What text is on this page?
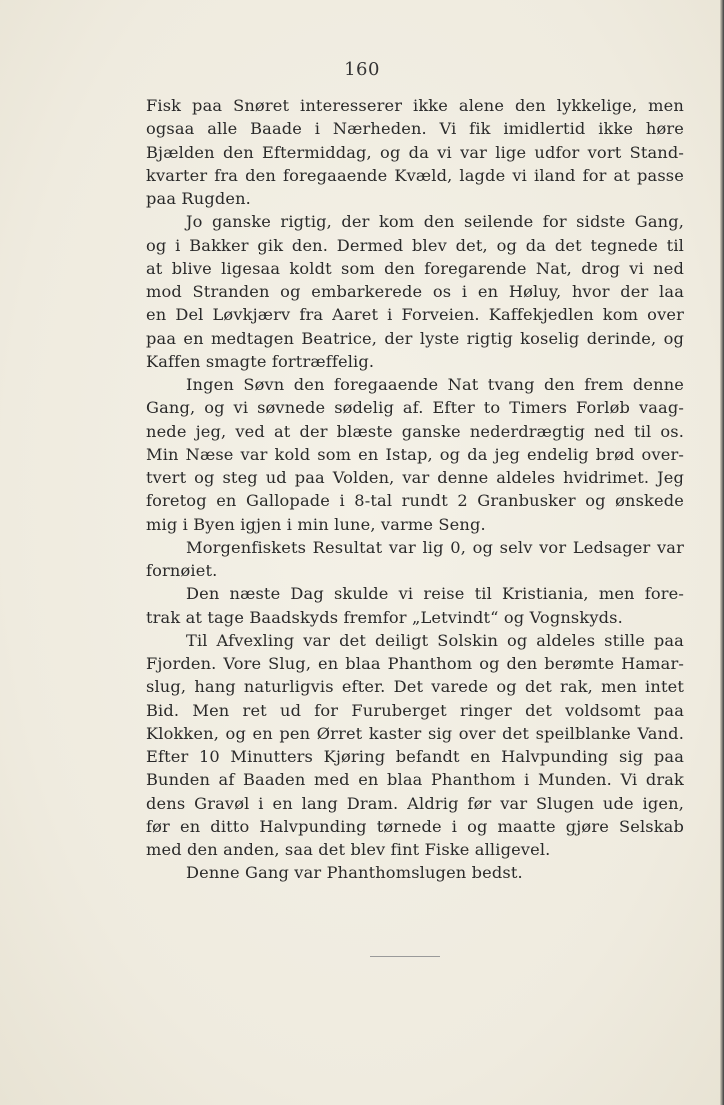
160
Fisk paa Snøret interesserer ikke alene den lykkelige, men
ogsaa alle Baade i Nærheden. Vi fik imidlertid ikke høre
Bjælden den Eftermiddag, og da vi var lige udfor vort Stand-
kvarter fra den foregaaende Kvæld, lagde vi iland for at passe
paa Rugden.
Jo ganske rigtig, der kom den seilende for sidste Gang,
og i Bakker gik den. Dermed blev det, og da det tegnede til
at blive ligesaa koldt som den foregarende Nat, drog vi ned
mod Stranden og embarkerede os i en Høluy, hvor der laa
en Del Løvkjærv fra Aaret i Forveien. Kaffekjedlen kom over
paa en medtagen Beatrice, der lyste rigtig koselig derinde, og
Kaffen smagte fortræffelig.
Ingen Søvn den foregaaende Nat tvang den frem denne
Gang, og vi søvnede sødelig af. Efter to Timers Forløb vaag-
nede jeg, ved at der blæste ganske nederdrægtig ned til os.
Min Næse var kold som en Istap, og da jeg endelig brød over-
tvert og steg ud paa Volden, var denne aldeles hvidrimet. Jeg
foretog en Gallopade i 8-tal rundt 2 Granbusker og ønskede
mig i Byen igjen i min lune, varme Seng.
Morgenfiskets Resultat var lig 0, og selv vor Ledsager var
fornøiet.
Den næste Dag skulde vi reise til Kristiania, men fore-
trak at tage Baadskyds fremfor „Letvindt“ og Vognskyds.
Til Afvexling var det deiligt Solskin og aldeles stille paa
Fjorden. Vore Slug, en blaa Phanthom og den berømte Hamar-
slug, hang naturligvis efter. Det varede og det rak, men intet
Bid. Men ret ud for Furuberget ringer det voldsomt paa
Klokken, og en pen Ørret kaster sig over det speilblanke Vand.
Efter 10 Minutters Kjøring befandt en Halvpunding sig paa
Bunden af Baaden med en blaa Phanthom i Munden. Vi drak
dens Gravøl i en lang Dram. Aldrig før var Slugen ude igen,
før en ditto Halvpunding tørnede i og maatte gjøre Selskab
med den anden, saa det blev fint Fiske alligevel.
Denne Gang var Phanthomslugen bedst.
